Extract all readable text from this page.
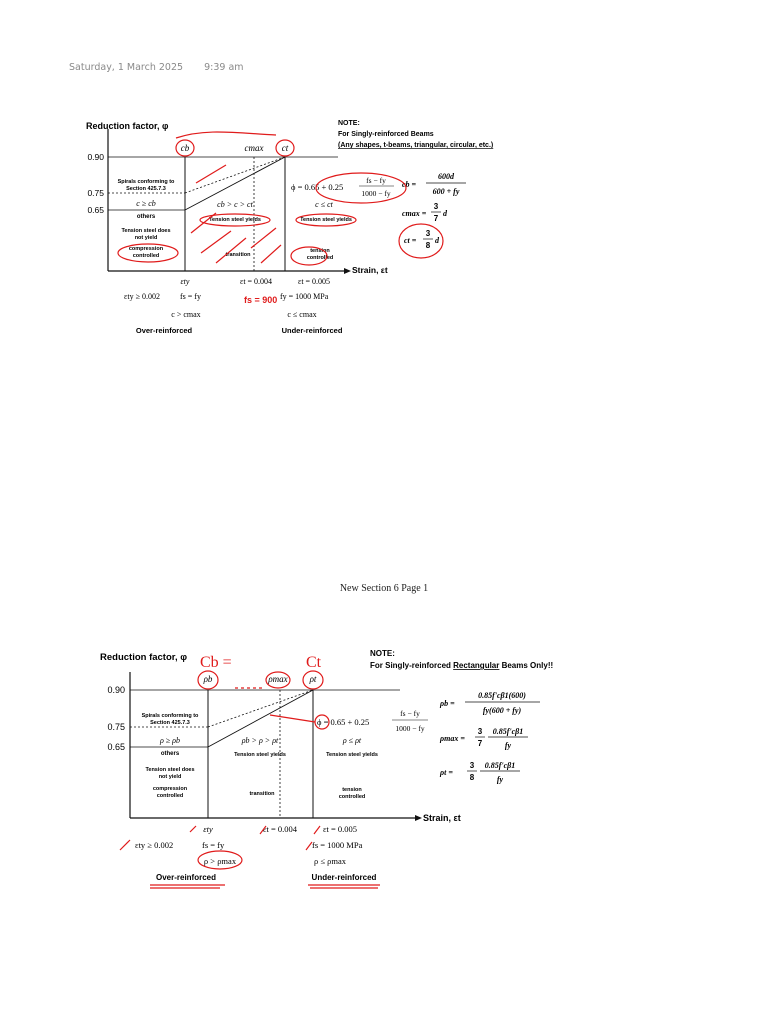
Saturday, 1 March 2025 9:39 am
0.90
0.75
0.65
Reduction factor, φ
Strain, εt
cb	cmax ct
Spirals conforming to
Section 425.7.3
c ≥ cb
others
Tension steel does
not yield
compression
controlled
cb > c > ct
Tension steel yields
transition
c ≤ ct
Tension steel yields
tension
controlled
ϕ = 0.65 + 0.25
fs − fy
1000 − fy
NOTE:
For Singly-reinforced Beams
(Any shapes, t-beams, triangular, circular, etc.)
cb =
600d
600 + fy
cmax =
3
7
d
ct =
3
8
d
εty	εt = 0.004	εt = 0.005
εty ≥ 0.002	fs = fy	fy = 1000 MPa
c > cmax	c ≤ cmax
Over-reinforced	Under-reinforced
fs = 900
New Section 6 Page 1
0.90
0.75
0.65
Reduction factor, φ
Strain, εt
ρb	ρmax ρt
Cb =	Ct
Spirals conforming to
Section 425.7.3
ρ ≥ ρb
others
Tension steel does
not yield
compression
controlled
ρb > ρ > ρt
Tension steel yields
transition
ρ ≤ ρt
Tension steel yields
tension
controlled
ϕ = 0.65 + 0.25
fs − fy
1000 − fy
NOTE:
For Singly-reinforced Rectangular Beams Only!!
ρb =
0.85f'cβ1(600)
fy(600 + fy)
ρmax =
3
7
0.85f'cβ1
fy
ρt =
3
8
0.85f'cβ1
fy
εty	εt = 0.004	εt = 0.005
εty ≥ 0.002	fs = fy	fs = 1000 MPa
ρ > ρmax	ρ ≤ ρmax
Over-reinforced	Under-reinforced
